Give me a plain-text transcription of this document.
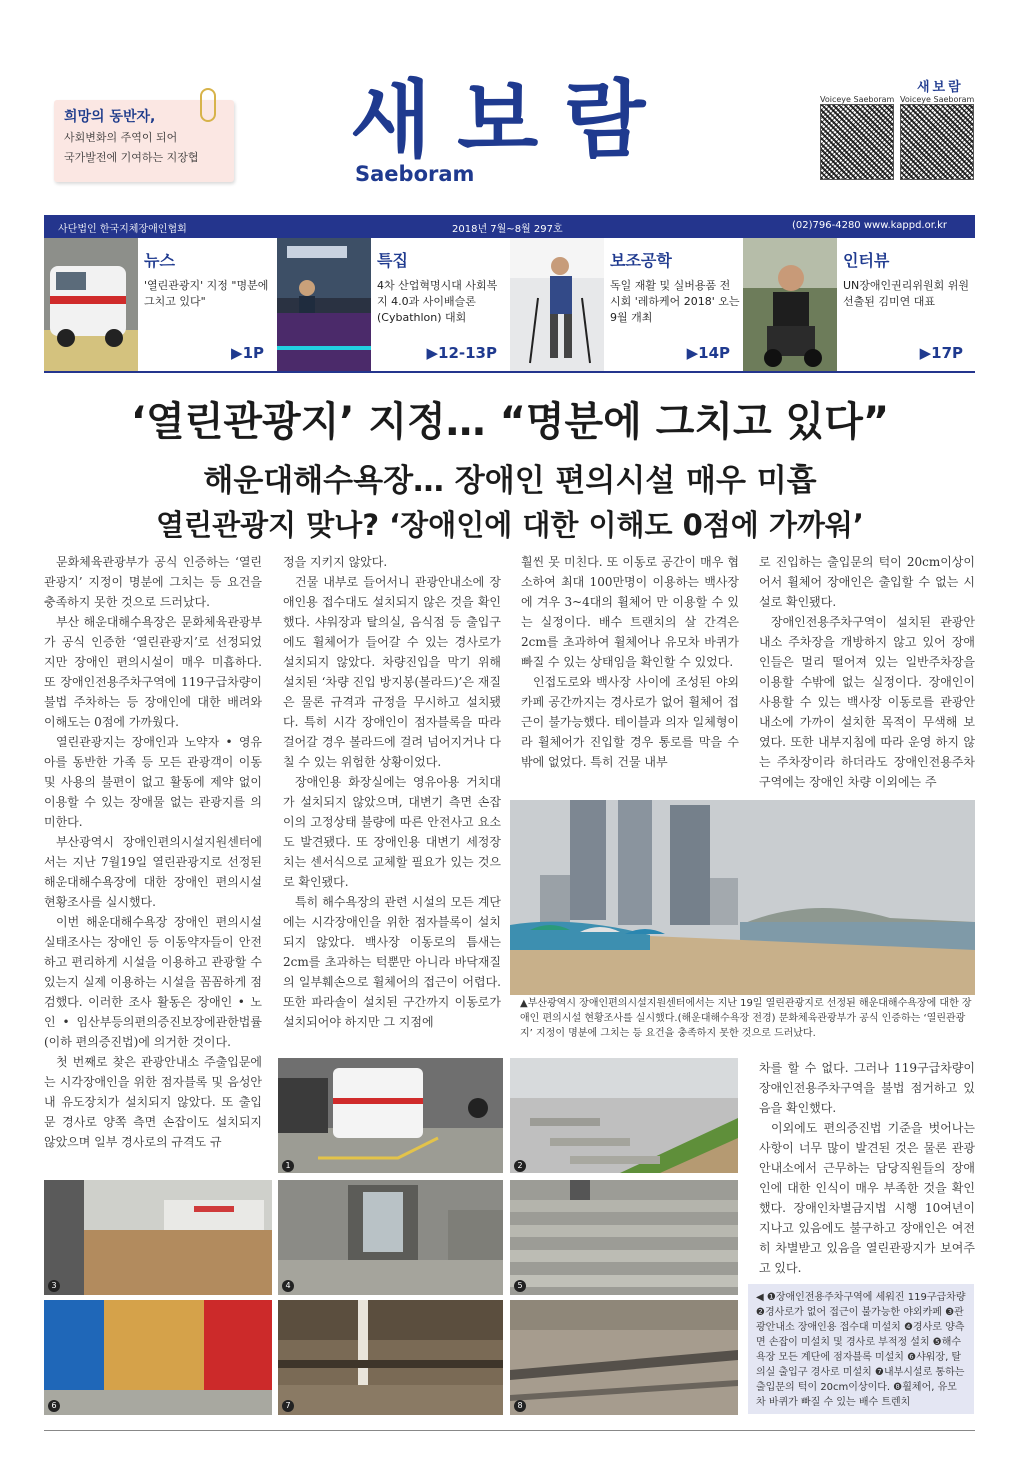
희망의 동반자,
사회변화의 주역이 되어
국가발전에 기여하는 지장협	새보람
Saeboram
새보람
Voiceye Saeboram Voiceye Saeboram
사단법인 한국지체장애인협회	2018년 7월~8월 297호	(02)796-4280 www.kappd.or.kr
뉴스
'열린관광지' 지정 "명분에 그치고 있다"
▶1P
특집
4차 산업혁명시대 사회복지 4.0과 사이배슬론(Cybathlon) 대회
▶12-13P
보조공학
독일 재활 및 실버용품 전시회 '레하케어 2018' 오는 9월 개최
▶14P
인터뷰
UN장애인권리위원회 위원 선출된 김미연 대표
▶17P
‘열린관광지’ 지정… “명분에 그치고 있다”
해운대해수욕장… 장애인 편의시설 매우 미흡
열린관광지 맞나? ‘장애인에 대한 이해도 0점에 가까워’

문화체육관광부가 공식 인증하는 ‘열린관광지’ 지정이 명분에 그치는 등 요건을 충족하지 못한 것으로 드러났다.

부산 해운대해수욕장은 문화체육관광부가 공식 인증한 ‘열린관광지’로 선정되었지만 장애인 편의시설이 매우 미흡하다. 또 장애인전용주차구역에 119구급차량이 불법 주차하는 등 장애인에 대한 배려와 이해도는 0점에 가까웠다.

열린관광지는 장애인과 노약자 • 영유아를 동반한 가족 등 모든 관광객이 이동 및 사용의 불편이 없고 활동에 제약 없이 이용할 수 있는 장애물 없는 관광지를 의미한다.

부산광역시 장애인편의시설지원센터에서는 지난 7월19일 열린관광지로 선정된 해운대해수욕장에 대한 장애인 편의시설 현황조사를 실시했다.

이번 해운대해수욕장 장애인 편의시설 실태조사는 장애인 등 이동약자들이 안전하고 편리하게 시설을 이용하고 관광할 수 있는지 실제 이용하는 시설을 꼼꼼하게 점검했다. 이러한 조사 활동은 장애인 • 노인 • 임산부등의편의증진보장에관한법률(이하 편의증진법)에 의거한 것이다.

첫 번째로 찾은 관광안내소 주출입문에는 시각장애인을 위한 점자블록 및 음성안내 유도장치가 설치되지 않았다. 또 출입문 경사로 양쪽 측면 손잡이도 설치되지 않았으며 일부 경사로의 규격도 규

정을 지키지 않았다.

건물 내부로 들어서니 관광안내소에 장애인용 접수대도 설치되지 않은 것을 확인했다. 샤워장과 탈의실, 음식점 등 출입구에도 휠체어가 들어갈 수 있는 경사로가 설치되지 않았다. 차량진입을 막기 위해 설치된 ‘차량 진입 방지봉(볼라드)’은 재질은 물론 규격과 규정을 무시하고 설치됐다. 특히 시각 장애인이 점자블록을 따라 걸어갈 경우 볼라드에 걸려 넘어지거나 다칠 수 있는 위험한 상황이었다.

장애인용 화장실에는 영유아용 거치대가 설치되지 않았으며, 대변기 측면 손잡이의 고정상태 불량에 따른 안전사고 요소도 발견됐다. 또 장애인용 대변기 세정장치는 센서식으로 교체할 필요가 있는 것으로 확인됐다.

특히 해수욕장의 관련 시설의 모든 계단에는 시각장애인을 위한 점자블록이 설치되지 않았다. 백사장 이동로의 틈새는 2cm를 초과하는 턱뿐만 아니라 바닥재질의 일부훼손으로 휠체어의 접근이 어렵다. 또한 파라솔이 설치된 구간까지 이동로가 설치되어야 하지만 그 지점에

훨씬 못 미친다. 또 이동로 공간이 매우 협소하여 최대 100만명이 이용하는 백사장에 겨우 3~4대의 휠체어 만 이용할 수 있는 실정이다. 배수 트랜치의 살 간격은 2cm를 초과하여 휠체어나 유모차 바퀴가 빠질 수 있는 상태임을 확인할 수 있었다.

인접도로와 백사장 사이에 조성된 야외카페 공간까지는 경사로가 없어 휠체어 접근이 불가능했다. 테이블과 의자 일체형이라 휠체어가 진입할 경우 통로를 막을 수밖에 없었다. 특히 건물 내부

로 진입하는 출입문의 턱이 20cm이상이어서 휠체어 장애인은 출입할 수 없는 시설로 확인됐다.

장애인전용주차구역이 설치된 관광안내소 주차장을 개방하지 않고 있어 장애인들은 멀리 떨어져 있는 일반주차장을 이용할 수밖에 없는 실정이다. 장애인이 사용할 수 있는 백사장 이동로를 관광안내소에 가까이 설치한 목적이 무색해 보였다. 또한 내부지침에 따라 운영 하지 않는 주차장이라 하더라도 장애인전용주차구역에는 장애인 차량 이외에는 주

▲부산광역시 장애인편의시설지원센터에서는 지난 19일 열린관광지로 선정된 해운대해수욕장에 대한 장애인 편의시설 현황조사를 실시했다.(해운대해수욕장 전경) 문화체육관광부가 공식 인증하는 ‘열린관광지’ 지정이 명분에 그치는 등 요건을 충족하지 못한 것으로 드러났다.
1	2
3	4	5
6	7	8

차를 할 수 없다. 그러나 119구급차량이 장애인전용주차구역을 불법 점거하고 있음을 확인했다.

이외에도 편의증진법 기준을 벗어나는 사항이 너무 많이 발견된 것은 물론 관광안내소에서 근무하는 담당직원들의 장애인에 대한 인식이 매우 부족한 것을 확인했다. 장애인차별금지법 시행 10여년이 지나고 있음에도 불구하고 장애인은 여전히 차별받고 있음을 열린관광지가 보여주고 있다.

◀ ❶장애인전용주차구역에 세워진 119구급차량 ❷경사로가 없어 접근이 불가능한 야외카페 ❸관광안내소 장애인용 접수대 미설치 ❹경사로 양측면 손잡이 미설치 및 경사로 부적정 설치 ❺해수욕장 모든 계단에 점자블록 미설치 ❻샤워장, 탈의실 출입구 경사로 미설치 ❼내부시설로 통하는 출입문의 턱이 20cm이상이다. ❽휠체어, 유모차 바퀴가 빠질 수 있는 배수 트렌치
